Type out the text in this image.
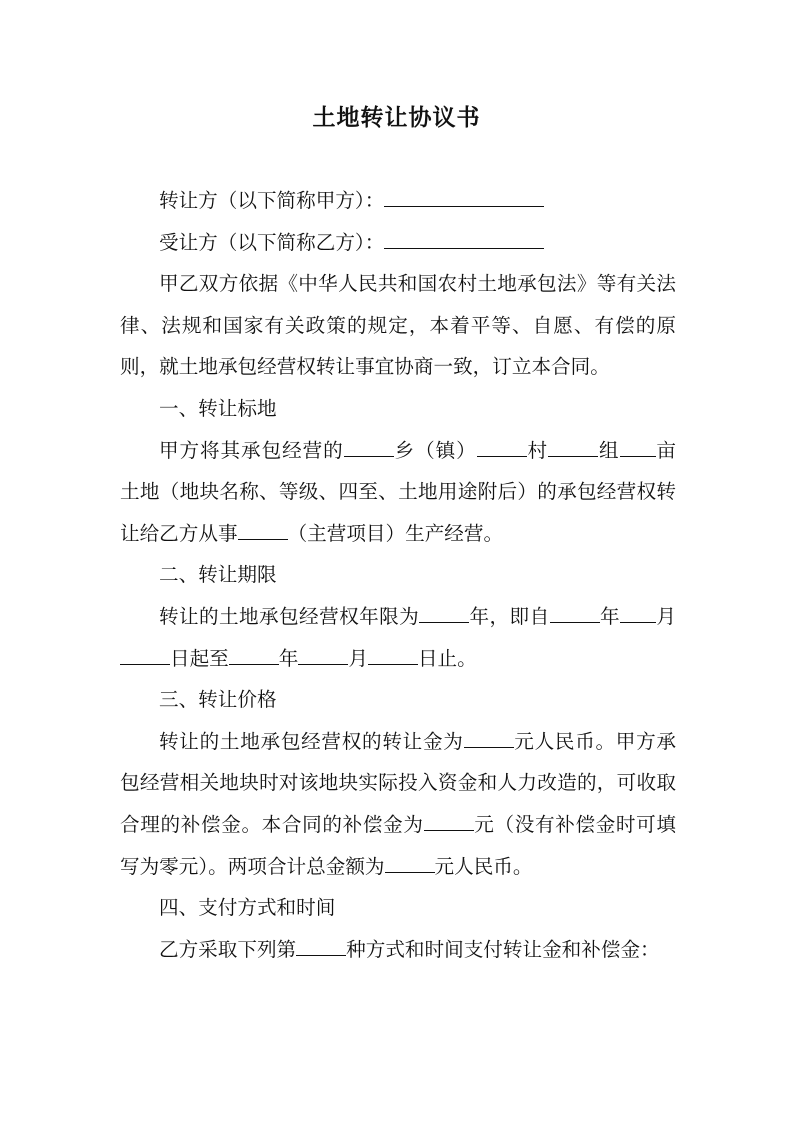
土地转让协议书

转让方（以下简称甲方）：

受让方（以下简称乙方）：

甲乙双方依据《中华人民共和国农村土地承包法》等有关法律、法规和国家有关政策的规定，本着平等、自愿、有偿的原则，就土地承包经营权转让事宜协商一致，订立本合同。

一、转让标地

甲方将其承包经营的	乡（镇）	村	组 亩土地（地块名称、等级、四至、土地用途附后）的承包经营权转让给乙方从事	（主营项目）生产经营。

二、转让期限

转让的土地承包经营权年限为	年，即自	年 月日起至	年	月	日止。

三、转让价格

转让的土地承包经营权的转让金为	元人民币。甲方承包经营相关地块时对该地块实际投入资金和人力改造的，可收取合理的补偿金。本合同的补偿金为	元（没有补偿金时可填写为零元）。两项合计总金额为	元人民币。

四、支付方式和时间

乙方采取下列第	种方式和时间支付转让金和补偿金：
